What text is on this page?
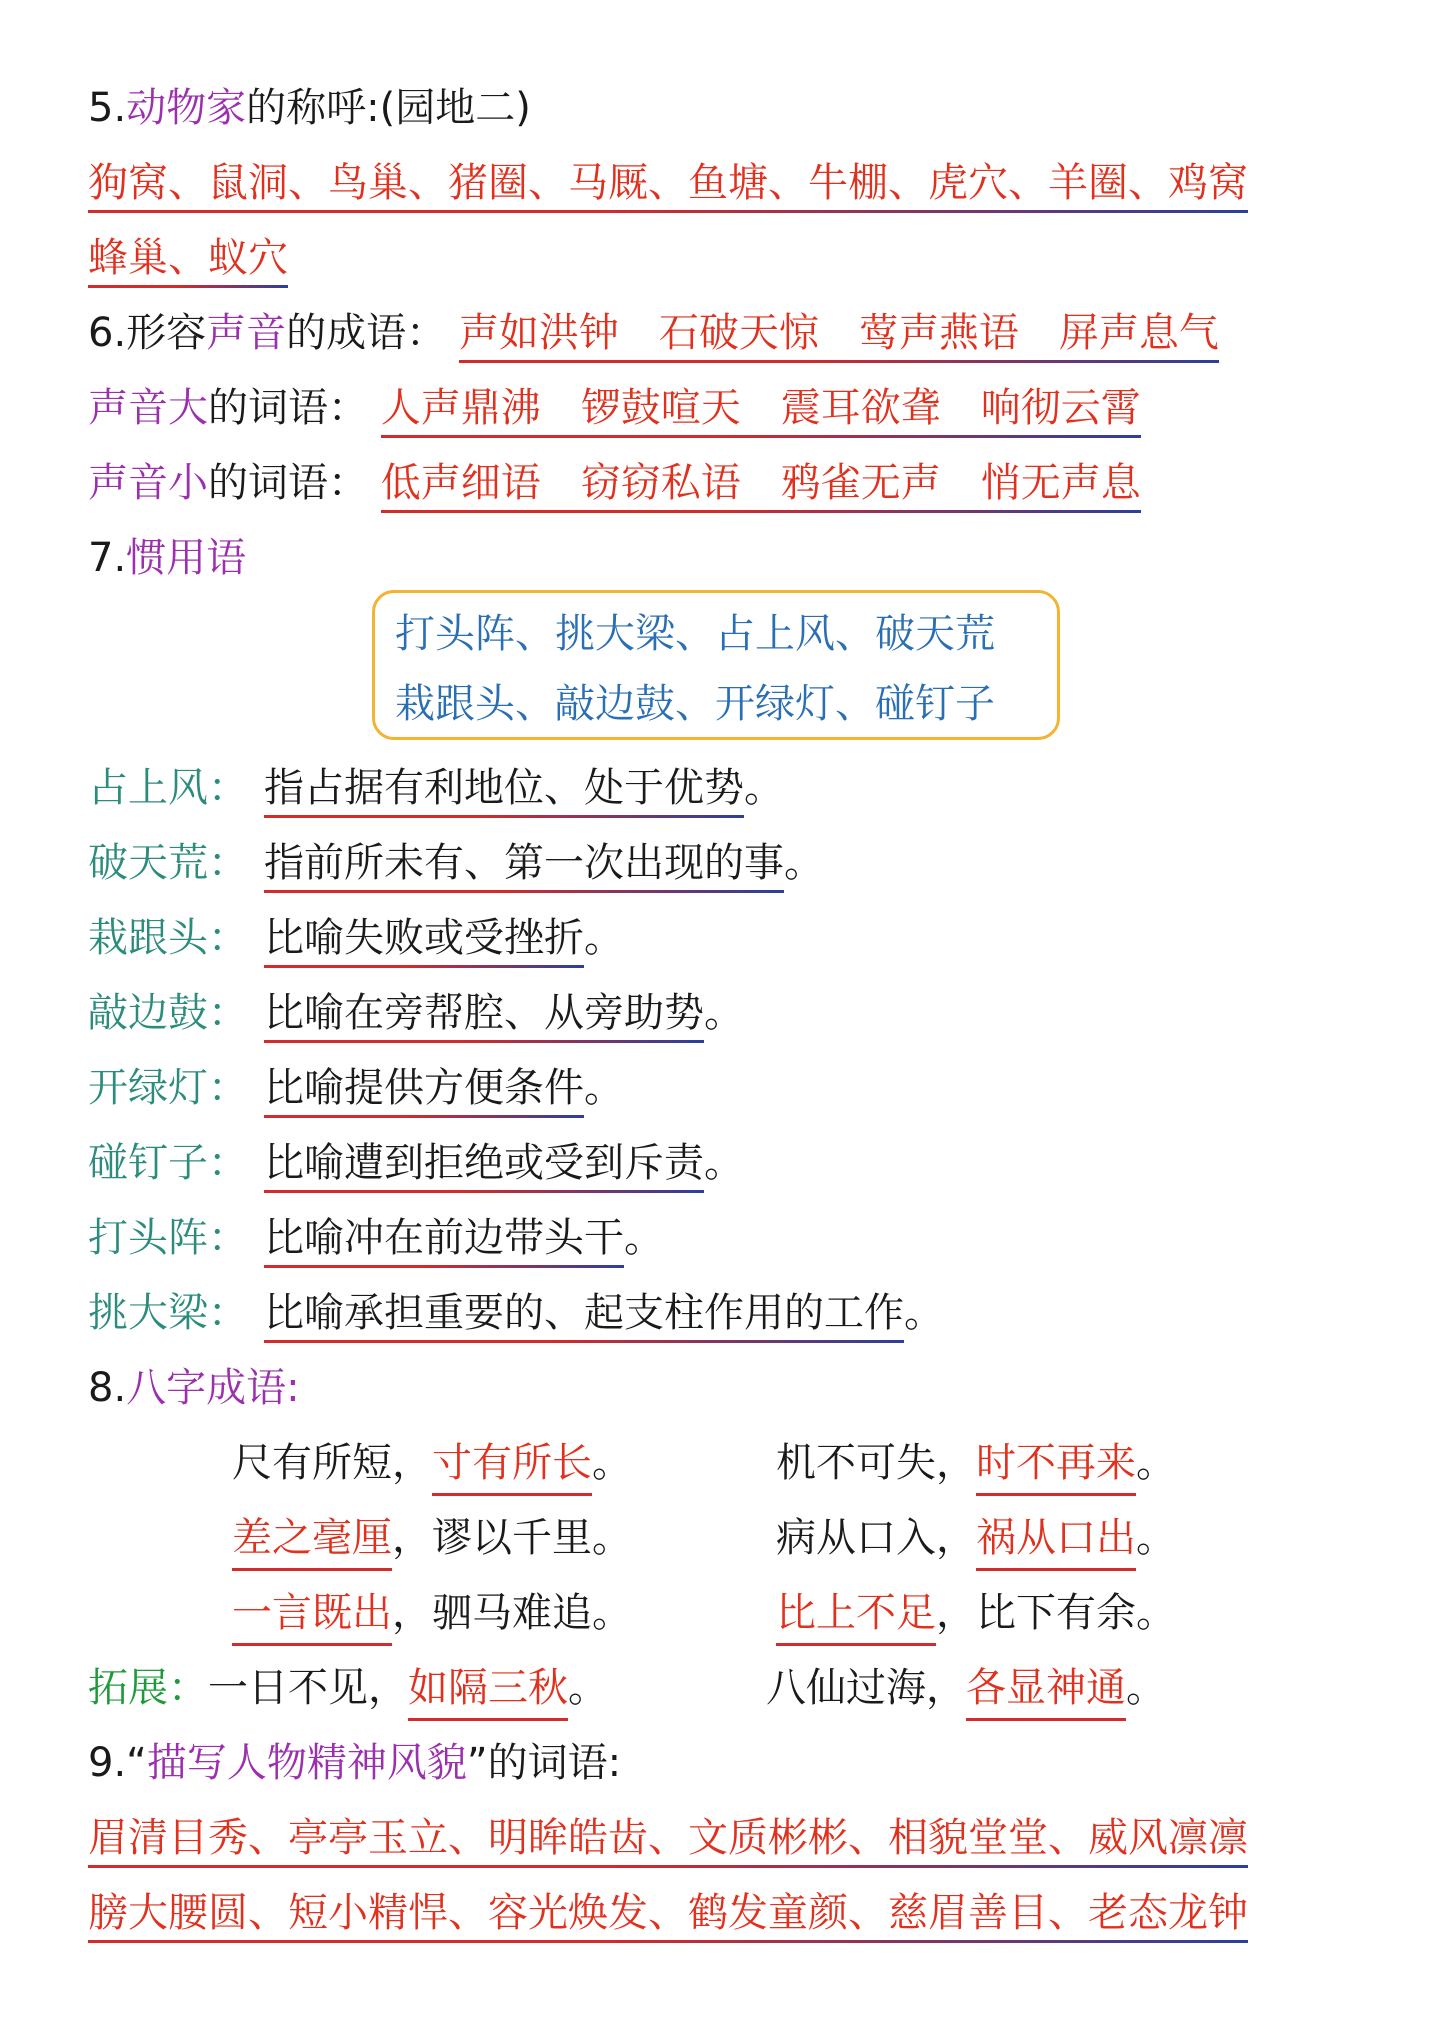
5.动物家的称呼:(园地二)
狗窝、鼠洞、鸟巢、猪圈、马厩、鱼塘、牛棚、虎穴、羊圈、鸡窝
蜂巢、蚁穴
6.形容声音的成语： 声如洪钟 石破天惊 莺声燕语 屏声息气
声音大的词语： 人声鼎沸 锣鼓喧天 震耳欲聋 响彻云霄
声音小的词语： 低声细语 窃窃私语 鸦雀无声 悄无声息
7.惯用语
打头阵、挑大梁、占上风、破天荒
栽跟头、敲边鼓、开绿灯、碰钉子
占上风： 指占据有利地位、处于优势。
破天荒： 指前所未有、第一次出现的事。
栽跟头： 比喻失败或受挫折。
敲边鼓： 比喻在旁帮腔、从旁助势。
开绿灯： 比喻提供方便条件。
碰钉子： 比喻遭到拒绝或受到斥责。
打头阵： 比喻冲在前边带头干。
挑大梁： 比喻承担重要的、起支柱作用的工作。
8.八字成语:
尺有所短，寸有所长。	机不可失，时不再来。
差之毫厘，谬以千里。	病从口入，祸从口出。
一言既出，驷马难追。	比上不足，比下有余。
拓展：一日不见，如隔三秋。	八仙过海，各显神通。
9.“描写人物精神风貌”的词语:
眉清目秀、亭亭玉立、明眸皓齿、文质彬彬、相貌堂堂、威风凛凛
膀大腰圆、短小精悍、容光焕发、鹤发童颜、慈眉善目、老态龙钟
